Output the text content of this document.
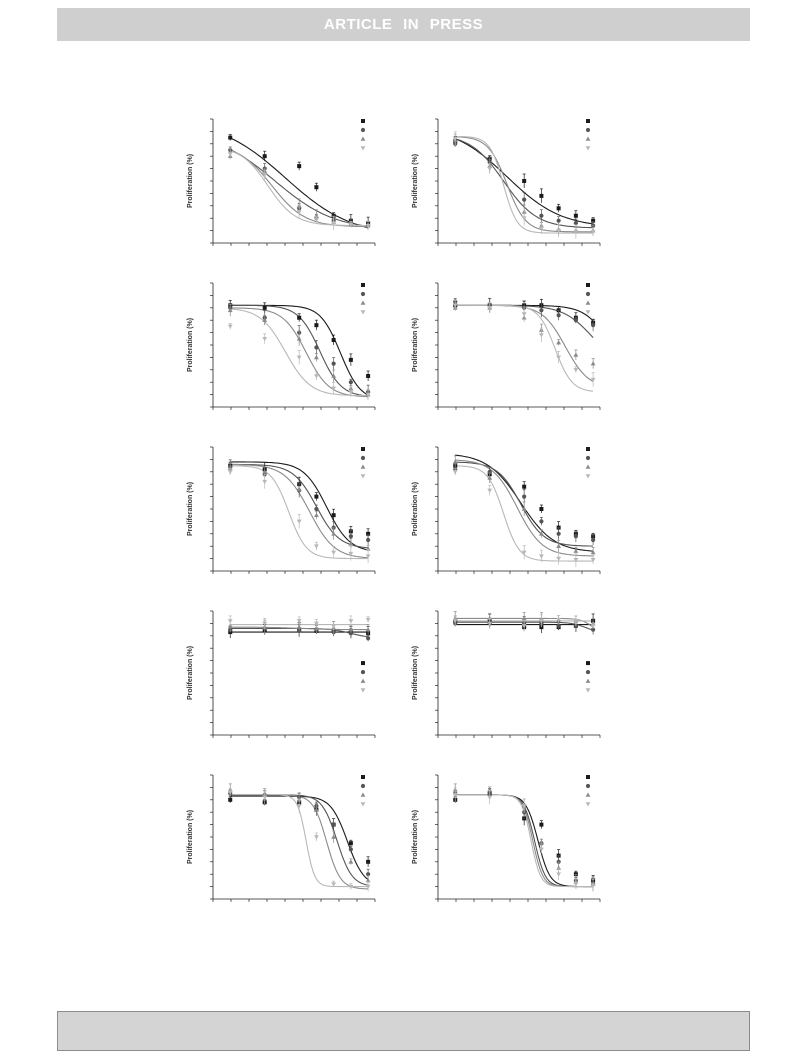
ARTICLE IN PRESS
Proliferation (%)	Proliferation (%)
Proliferation (%)	Proliferation (%)
Proliferation (%)	Proliferation (%)
Proliferation (%)	Proliferation (%)
Proliferation (%)	Proliferation (%)
